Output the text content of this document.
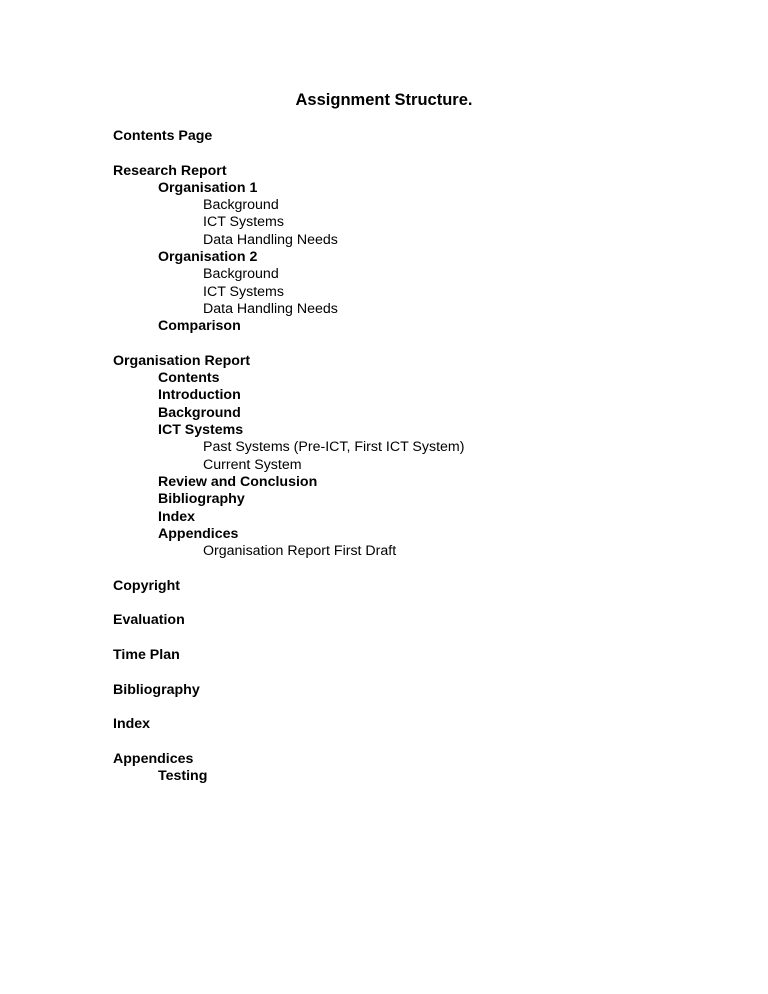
Assignment Structure.
Contents Page
Research Report
Organisation 1
Background
ICT Systems
Data Handling Needs
Organisation 2
Background
ICT Systems
Data Handling Needs
Comparison
Organisation Report
Contents
Introduction
Background
ICT Systems
Past Systems (Pre-ICT, First ICT System)
Current System
Review and Conclusion
Bibliography
Index
Appendices
Organisation Report First Draft
Copyright
Evaluation
Time Plan
Bibliography
Index
Appendices
Testing
